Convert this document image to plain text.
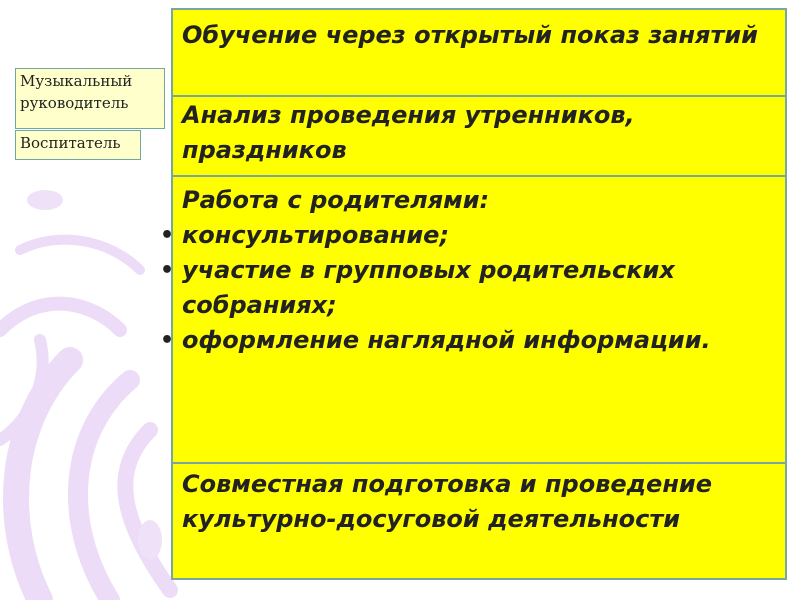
Музыкальный руководитель
Воспитатель
Обучение через открытый показ занятий
Анализ проведения утренников, праздников
Работа с родителями:
• консультирование;
• участие в групповых родительских собраниях;
• оформление наглядной информации.
Совместная подготовка и проведение культурно-досуговой деятельности
